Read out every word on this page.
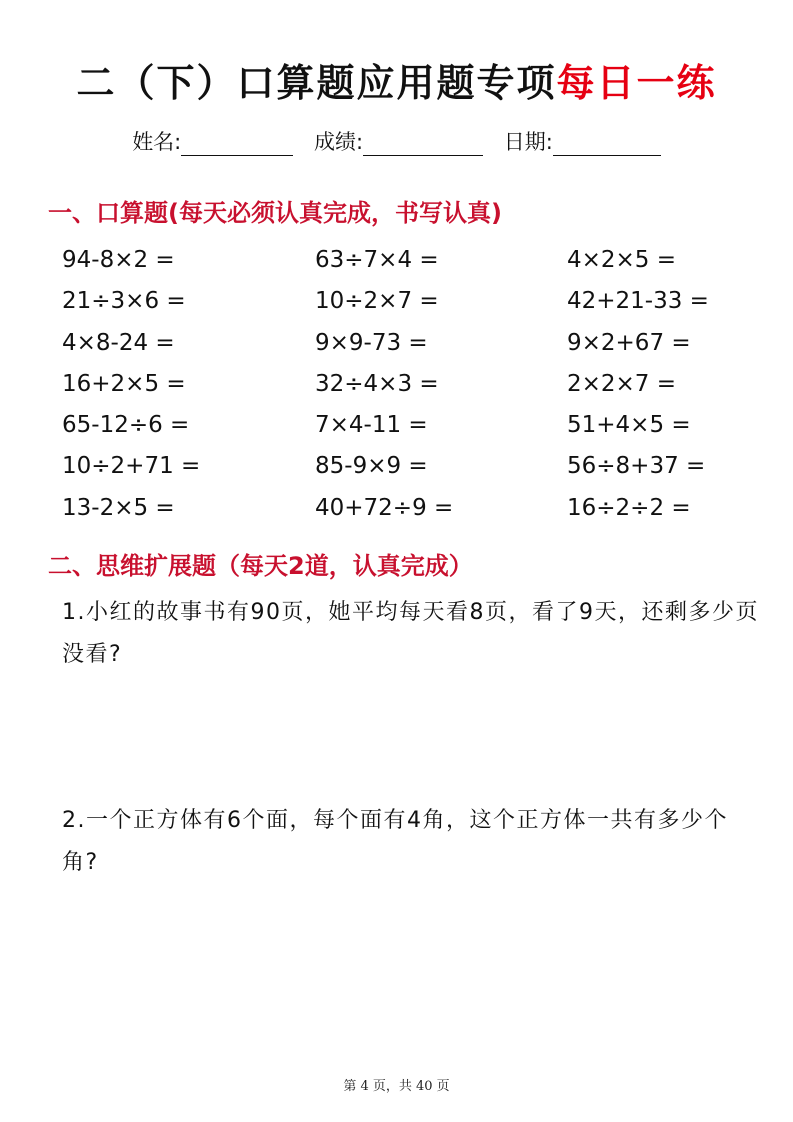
二（下）口算题应用题专项每日一练
姓名:	成绩:	日期:
一、口算题(每天必须认真完成，书写认真)
94-8×2 =	63÷7×4 =	4×2×5 =
21÷3×6 =	10÷2×7 =	42+21-33 =
4×8-24 =	9×9-73 =	9×2+67 =
16+2×5 =	32÷4×3 =	2×2×7 =
65-12÷6 =	7×4-11 =	51+4×5 =
10÷2+71 =	85-9×9 =	56÷8+37 =
13-2×5 =	40+72÷9 =	16÷2÷2 =
二、思维扩展题（每天2道，认真完成）
1.小红的故事书有90页，她平均每天看8页，看了9天，还剩多少页没看?
2.一个正方体有6个面，每个面有4角，这个正方体一共有多少个角?
第 4 页，共 40 页
